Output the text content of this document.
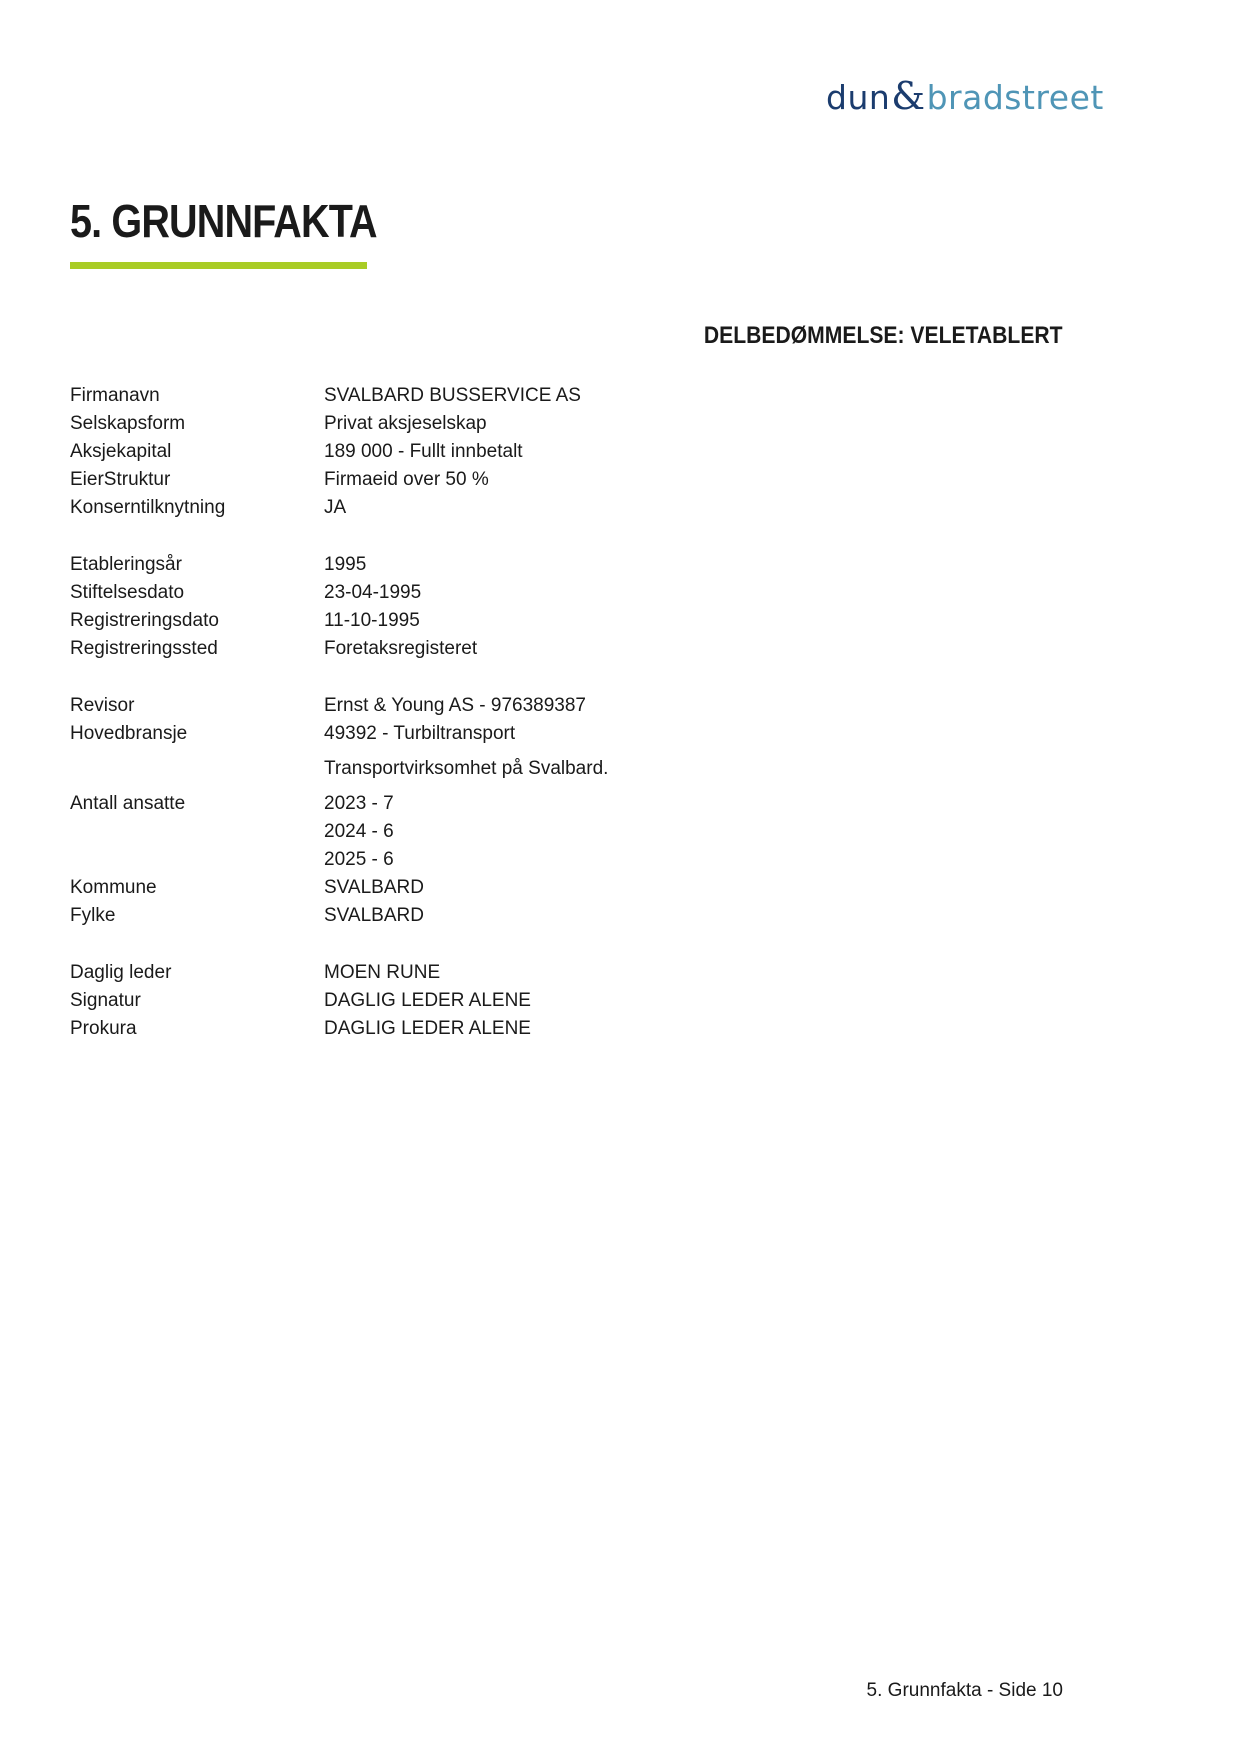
dun & bradstreet
5. GRUNNFAKTA
DELBEDØMMELSE: VELETABLERT
Firmanavn	SVALBARD BUSSERVICE AS
Selskapsform	Privat aksjeselskap
Aksjekapital	189 000 - Fullt innbetalt
EierStruktur	Firmaeid over 50 %
Konserntilknytning	JA
Etableringsår	1995
Stiftelsesdato	23-04-1995
Registreringsdato	11-10-1995
Registreringssted	Foretaksregisteret
Revisor	Ernst & Young AS - 976389387
Hovedbransje	49392 - Turbiltransport
Transportvirksomhet på Svalbard.
Antall ansatte	2023 - 7
2024 - 6
2025 - 6
Kommune	SVALBARD
Fylke	SVALBARD
Daglig leder	MOEN RUNE
Signatur	DAGLIG LEDER ALENE
Prokura	DAGLIG LEDER ALENE
5. Grunnfakta - Side 10
